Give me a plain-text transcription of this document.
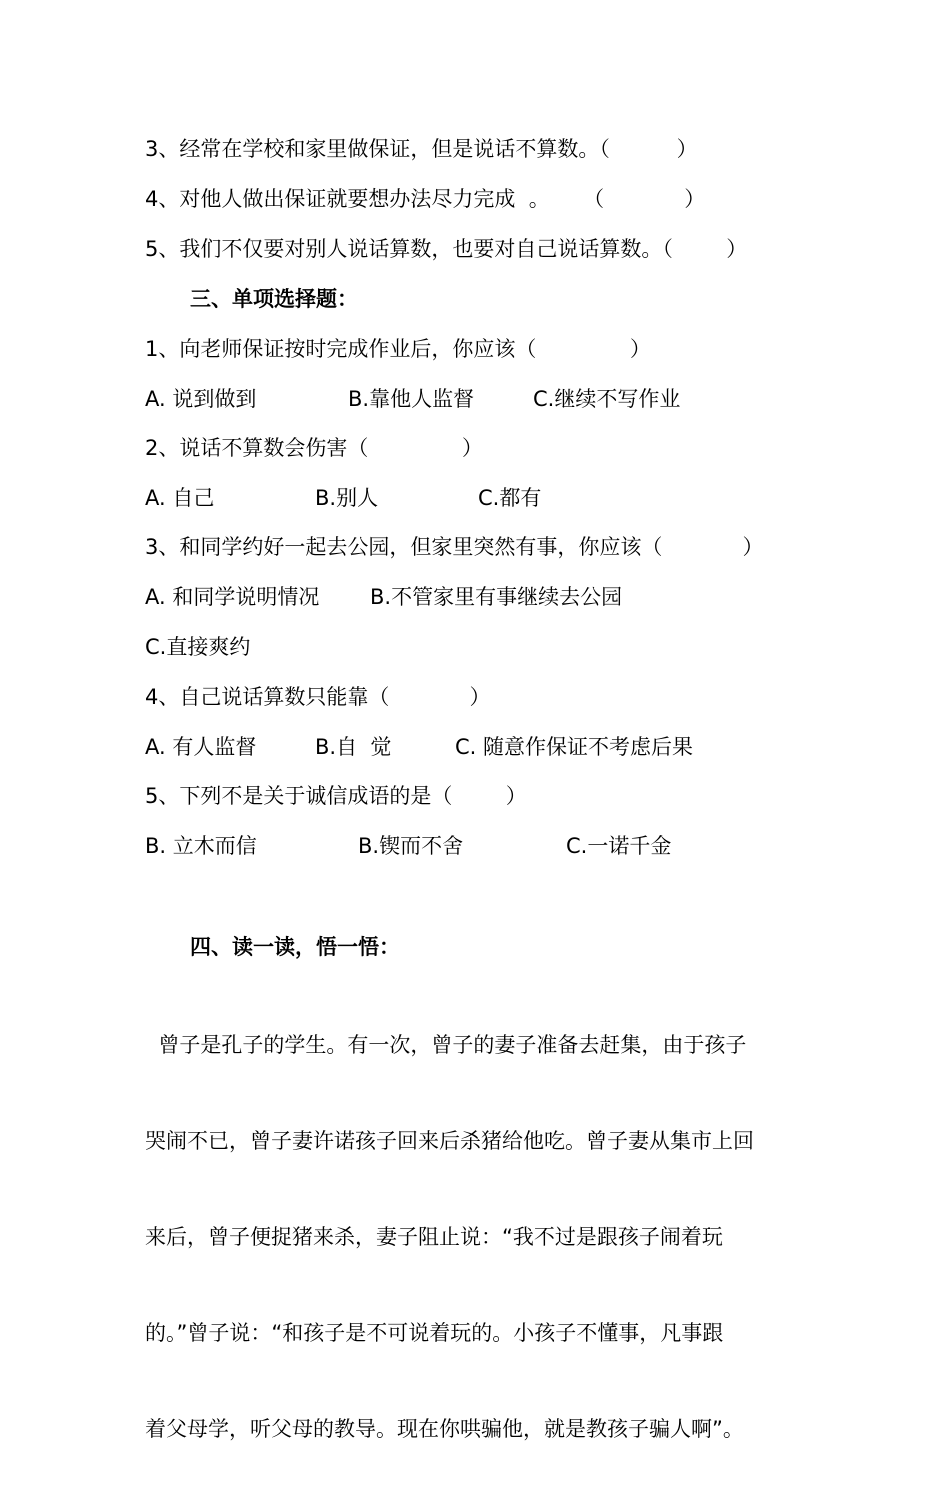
3、经常在学校和家里做保证，但是说话不算数。（          ）
4、对他人做出保证就要想办法尽力完成  。     （            ）
5、我们不仅要对别人说话算数，也要对自己说话算数。（        ）
三、单项选择题：
1、向老师保证按时完成作业后，你应该（              ）
A. 说到做到	B.靠他人监督	C.继续不写作业
2、说话不算数会伤害（              ）
A. 自己	B.别人	C.都有
3、和同学约好一起去公园，但家里突然有事，你应该（            ）
A. 和同学说明情况 B.不管家里有事继续去公园
C.直接爽约
4、自己说话算数只能靠（            ）
A. 有人监督	B.自  觉	C. 随意作保证不考虑后果
5、下列不是关于诚信成语的是（        ）
B. 立木而信	B.锲而不舍	C.一诺千金
四、读一读，悟一悟：

曾子是孔子的学生。有一次，曾子的妻子准备去赶集，由于孩子

哭闹不已，曾子妻许诺孩子回来后杀猪给他吃。曾子妻从集市上回

来后，曾子便捉猪来杀，妻子阻止说：“我不过是跟孩子闹着玩

的。”曾子说：“和孩子是不可说着玩的。小孩子不懂事，凡事跟

着父母学，听父母的教导。现在你哄骗他，就是教孩子骗人啊”。
